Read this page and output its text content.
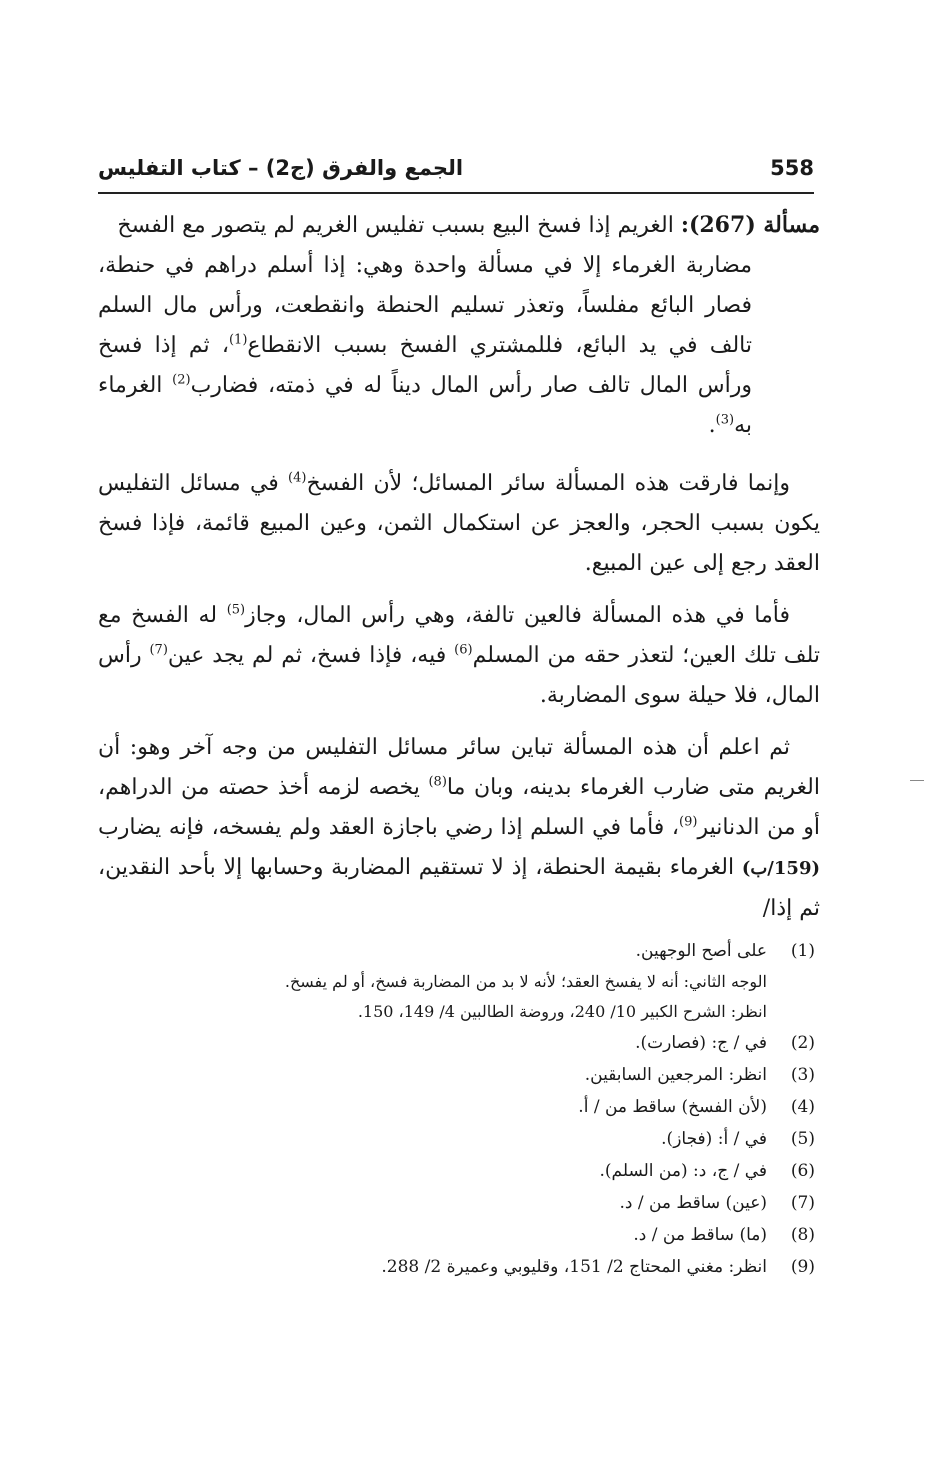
الجمع والفرق (ج2) – كتاب التفليس	558
مسألة (267): الغريم إذا فسخ البيع بسبب تفليس الغريم لم يتصور مع الفسخ
مضاربة الغرماء إلا في مسألة واحدة وهي: إذا أسلم دراهم في حنطة، فصار البائع مفلساً، وتعذر تسليم الحنطة وانقطعت، ورأس مال السلم تالف في يد البائع، فللمشتري الفسخ بسبب الانقطاع$^{(1)}$، ثم إذا فسخ ورأس المال تالف صار رأس المال ديناً له في ذمته، فضارب$^{(2)}$ الغرماء به$^{(3)}$.

وإنما فارقت هذه المسألة سائر المسائل؛ لأن الفسخ$^{(4)}$ في مسائل التفليس يكون بسبب الحجر، والعجز عن استكمال الثمن، وعين المبيع قائمة، فإذا فسخ العقد رجع إلى عين المبيع.

فأما في هذه المسألة فالعين تالفة، وهي رأس المال، وجاز$^{(5)}$ له الفسخ مع تلف تلك العين؛ لتعذر حقه من المسلم$^{(6)}$ فيه، فإذا فسخ، ثم لم يجد عين$^{(7)}$ رأس المال، فلا حيلة سوى المضاربة.

ثم اعلم أن هذه المسألة تباين سائر مسائل التفليس من وجه آخر وهو: أن الغريم متى ضارب الغرماء بدينه، وبان ما$^{(8)}$ يخصه لزمه أخذ حصته من الدراهم، أو من الدنانير$^{(9)}$، فأما في السلم إذا رضي باجازة العقد ولم يفسخه، فإنه يضارب (159/ب) الغرماء بقيمة الحنطة، إذ لا تستقيم المضاربة وحسابها إلا بأحد النقدين، ثم إذا/

(1)
على أصح الوجهين.
الوجه الثاني: أنه لا يفسخ العقد؛ لأنه لا بد من المضاربة فسخ، أو لم يفسخ.
انظر: الشرح الكبير 10/ 240، وروضة الطالبين 4/ 149، 150.
(2)
في / ج: (فصارت).
(3)
انظر: المرجعين السابقين.
(4)
(لأن الفسخ) ساقط من / أ.
(5)
في / أ: (فجاز).
(6)
في / ج، د: (من السلم).
(7)
(عين) ساقط من / د.
(8)
(ما) ساقط من / د.
(9)
انظر: مغني المحتاج 2/ 151، وقليوبي وعميرة 2/ 288.
